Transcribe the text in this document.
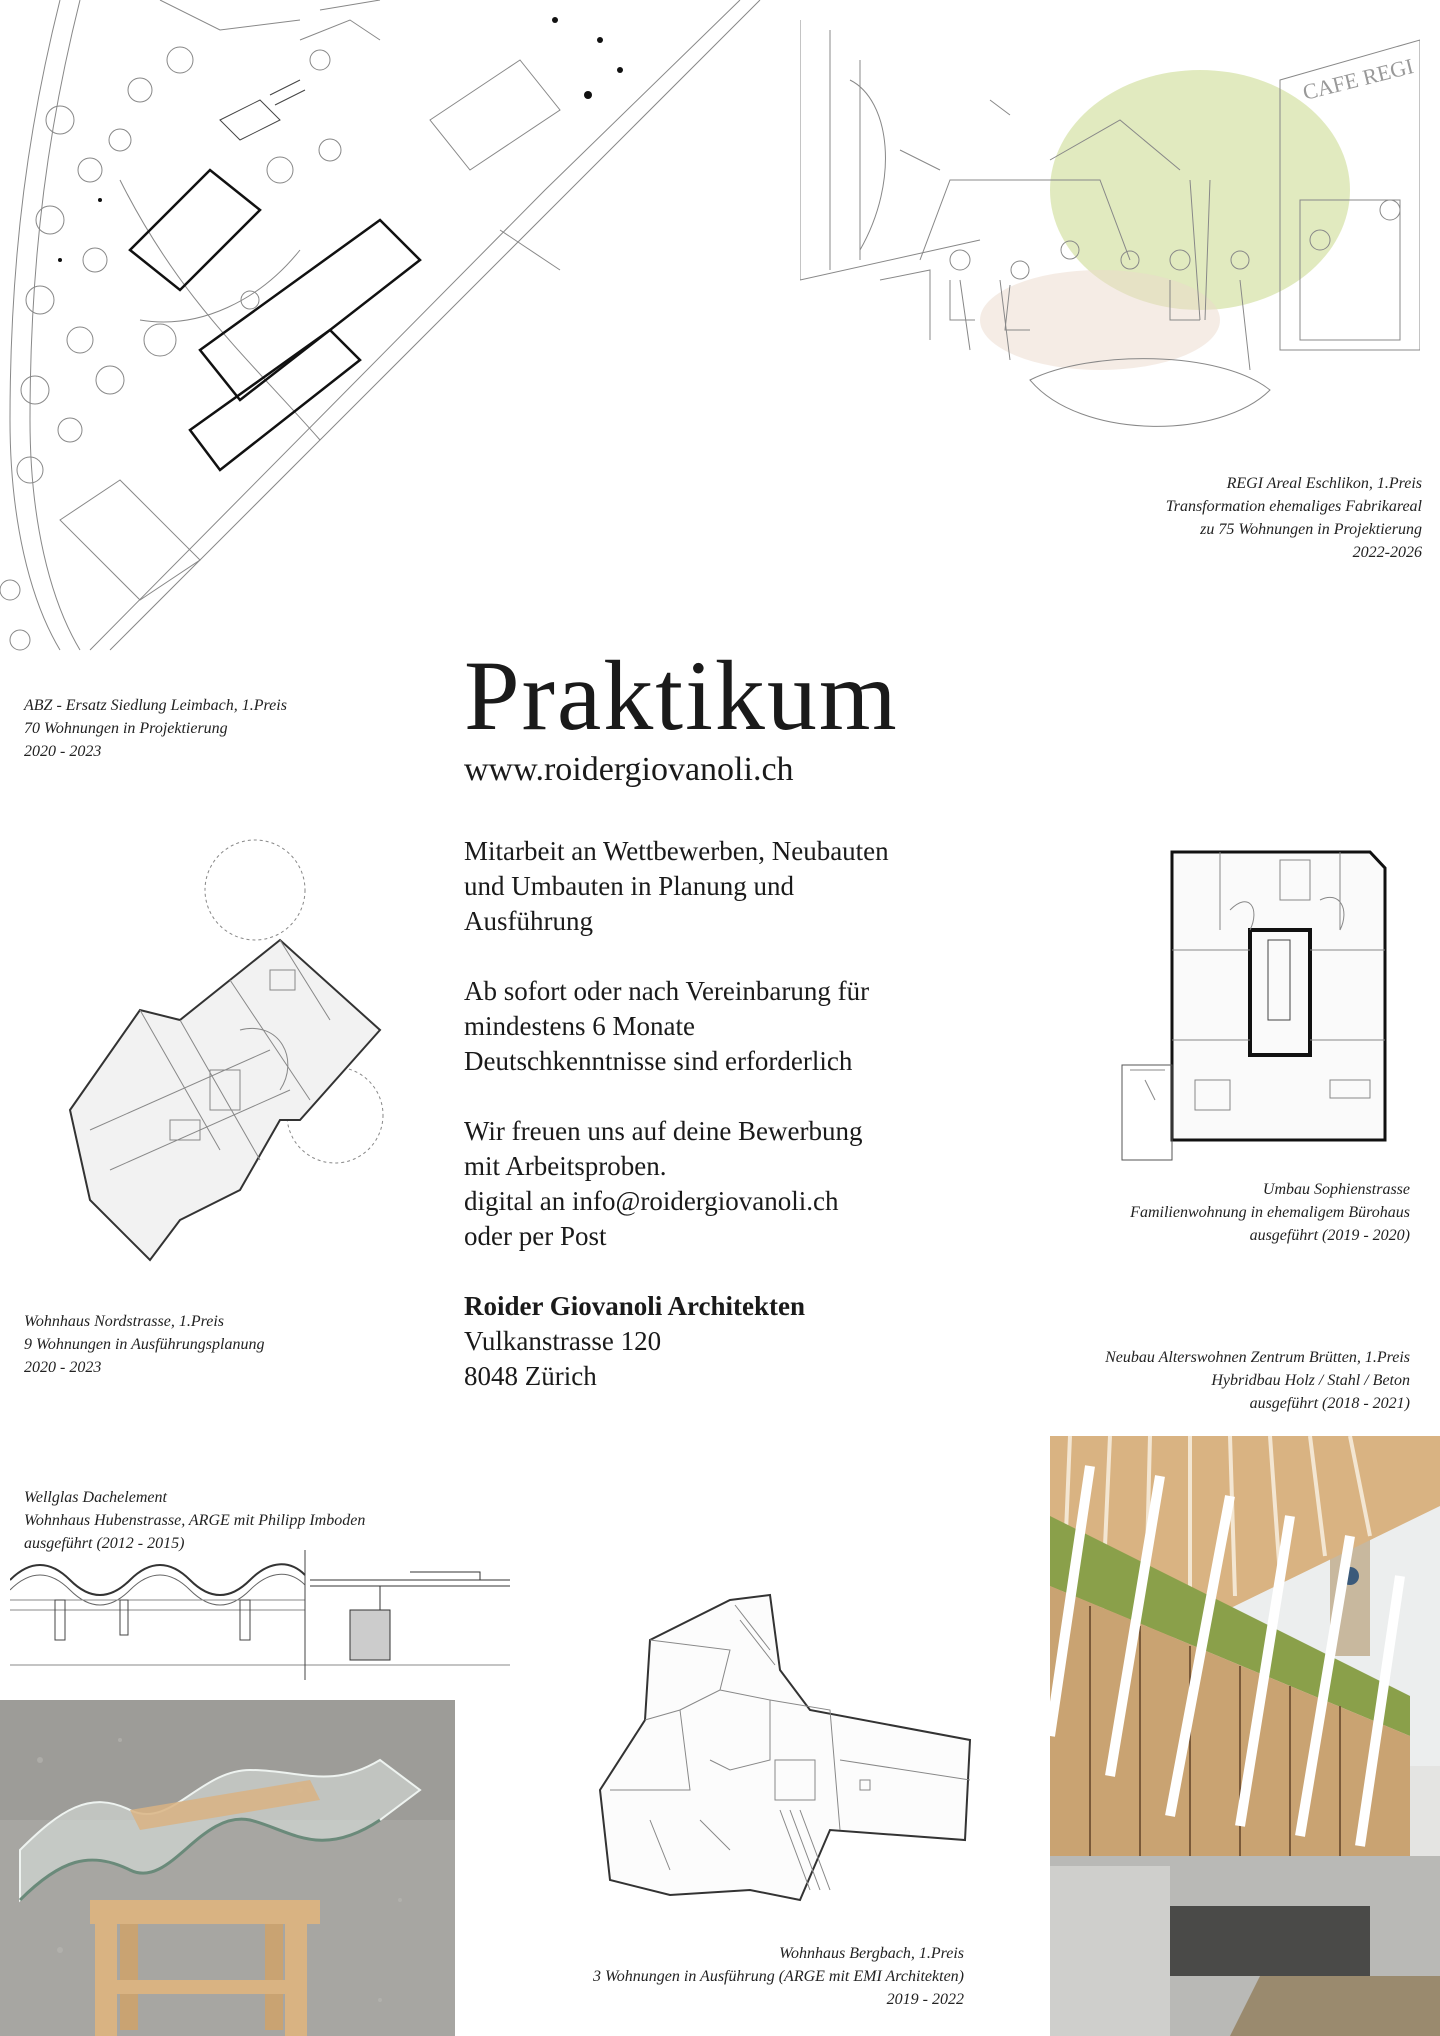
ABZ - Ersatz Siedlung Leimbach, 1.Preis
70 Wohnungen in Projektierung
2020 - 2023
CAFE REGI
REGI Areal Eschlikon, 1.Preis
Transformation ehemaliges Fabrikareal
zu 75 Wohnungen in Projektierung
2022-2026
Praktikum
www.roidergiovanoli.ch
Mitarbeit an Wettbewerben, Neubauten
und Umbauten in Planung und
Ausführung
Ab sofort oder nach Vereinbarung für
mindestens 6 Monate
Deutschkenntnisse sind erforderlich
Wir freuen uns auf deine Bewerbung
mit Arbeitsproben.
digital an info@roidergiovanoli.ch
oder per Post
Roider Giovanoli Architekten
Vulkanstrasse 120
8048 Zürich
Wohnhaus Nordstrasse, 1.Preis
9 Wohnungen in Ausführungsplanung
2020 - 2023
Umbau Sophienstrasse
Familienwohnung in ehemaligem Bürohaus
ausgeführt (2019 - 2020)
Neubau Alterswohnen Zentrum Brütten, 1.Preis
Hybridbau Holz / Stahl / Beton
ausgeführt (2018 - 2021)
Wellglas Dachelement
Wohnhaus Hubenstrasse, ARGE mit Philipp Imboden
ausgeführt (2012 - 2015)
Wohnhaus Bergbach, 1.Preis
3 Wohnungen in Ausführung (ARGE mit EMI Architekten)
2019 - 2022
